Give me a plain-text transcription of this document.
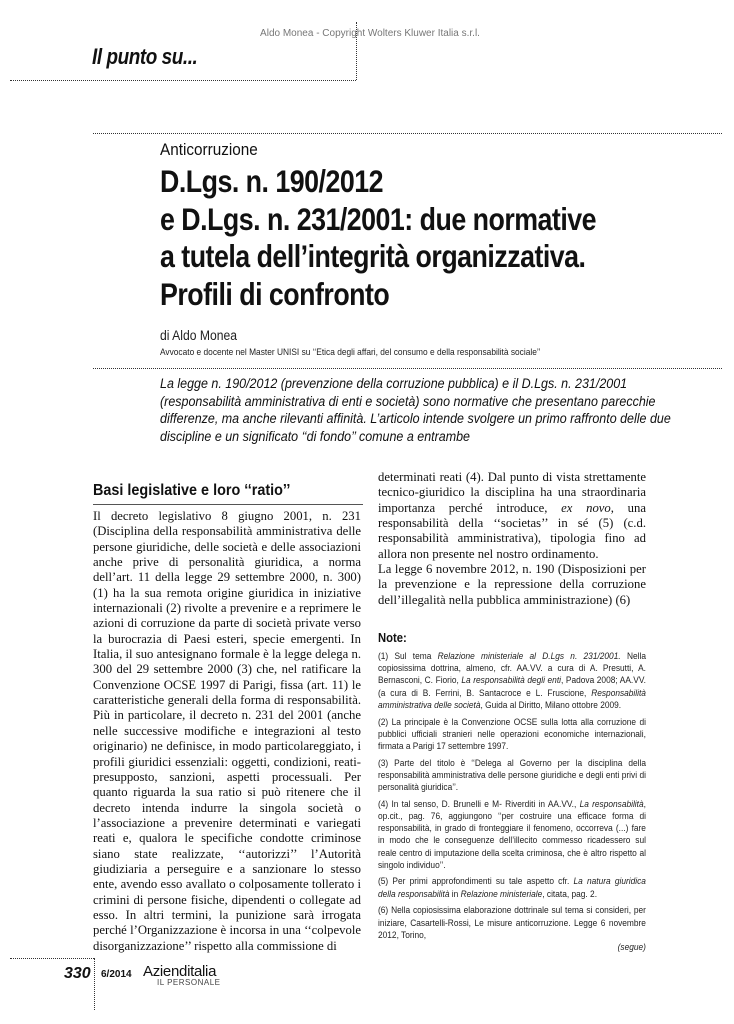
Aldo Monea - Copyright Wolters Kluwer Italia s.r.l.
Il punto su...
Anticorruzione
D.Lgs. n. 190/2012
e D.Lgs. n. 231/2001: due normative
a tutela dell’integrità organizzativa.
Profili di confronto
di Aldo Monea
Avvocato e docente nel Master UNISI su ‘‘Etica degli affari, del consumo e della responsabilità sociale’’
La legge n. 190/2012 (prevenzione della corruzione pubblica) e il D.Lgs. n. 231/2001 (responsabilità amministrativa di enti e società) sono normative che presentano parecchie differenze, ma anche rilevanti affinità. L’articolo intende svolgere un primo raffronto delle due discipline e un significato ‘‘di fondo’’ comune a entrambe
Basi legislative e loro ‘‘ratio’’

Il decreto legislativo 8 giugno 2001, n. 231 (Disciplina della responsabilità amministrativa delle persone giuridiche, delle società e delle associazioni anche prive di personalità giuridica, a norma dell’art. 11 della legge 29 settembre 2000, n. 300) (1) ha la sua remota origine giuridica in iniziative internazionali (2) rivolte a prevenire e a reprimere le azioni di corruzione da parte di società private verso la burocrazia di Paesi esteri, specie emergenti. In Italia, il suo antesignano formale è la legge delega n. 300 del 29 settembre 2000 (3) che, nel ratificare la Convenzione OCSE 1997 di Parigi, fissa (art. 11) le caratteristiche generali della forma di responsabilità. Più in particolare, il decreto n. 231 del 2001 (anche nelle successive modifiche e integrazioni al testo originario) ne definisce, in modo particolareggiato, i profili giuridici essenziali: oggetti, condizioni, reati-presupposto, sanzioni, aspetti processuali. Per quanto riguarda la sua ratio si può ritenere che il decreto intenda indurre la singola società o l’associazione a prevenire determinati e variegati reati e, qualora le specifiche condotte criminose siano state realizzate, ‘‘autorizzi’’ l’Autorità giudiziaria a perseguire e a sanzionare lo stesso ente, avendo esso avallato o colposamente tollerato i crimini di persone fisiche, dipendenti o collegate ad esso. In altri termini, la punizione sarà irrogata perché l’Organizzazione è incorsa in una ‘‘colpevole disorganizzazione’’ rispetto alla commissione di

determinati reati (4). Dal punto di vista strettamente tecnico-giuridico la disciplina ha una straordinaria importanza perché introduce, ex novo, una responsabilità della ‘‘societas’’ in sé (5) (c.d. responsabilità amministrativa), tipologia fino ad allora non presente nel nostro ordinamento.

La legge 6 novembre 2012, n. 190 (Disposizioni per la prevenzione e la repressione della corruzione dell’illegalità nella pubblica amministrazione) (6)

Note:

(1) Sul tema Relazione ministeriale al D.Lgs n. 231/2001. Nella copiosissima dottrina, almeno, cfr. AA.VV. a cura di A. Presutti, A. Bernasconi, C. Fiorio, La responsabilità degli enti, Padova 2008; AA.VV. (a cura di B. Ferrini, B. Santacroce e L. Fruscione, Responsabilità amministrativa delle società, Guida al Diritto, Milano ottobre 2009.

(2) La principale è la Convenzione OCSE sulla lotta alla corruzione di pubblici ufficiali stranieri nelle operazioni economiche internazionali, firmata a Parigi 17 settembre 1997.

(3) Parte del titolo è ‘‘Delega al Governo per la disciplina della responsabilità amministrativa delle persone giuridiche e degli enti privi di personalità giuridica’’.

(4) In tal senso, D. Brunelli e M- Riverditi in AA.VV., La responsabilità, op.cit., pag. 76, aggiungono ‘‘per costruire una efficace forma di responsabilità, in grado di fronteggiare il fenomeno, occorreva (...) fare in modo che le conseguenze dell’illecito commesso ricadessero sul reale centro di imputazione della scelta criminosa, che è altro rispetto al singolo individuo’’.

(5) Per primi approfondimenti su tale aspetto cfr. La natura giuridica della responsabilità in Relazione ministeriale, citata, pag. 2.

(6) Nella copiosissima elaborazione dottrinale sul tema si consideri, per iniziare, Casartelli-Rossi, Le misure anticorruzione. Legge 6 novembre 2012, Torino,

(segue)

330 6/2014 Azienditalia
IL PERSONALE
